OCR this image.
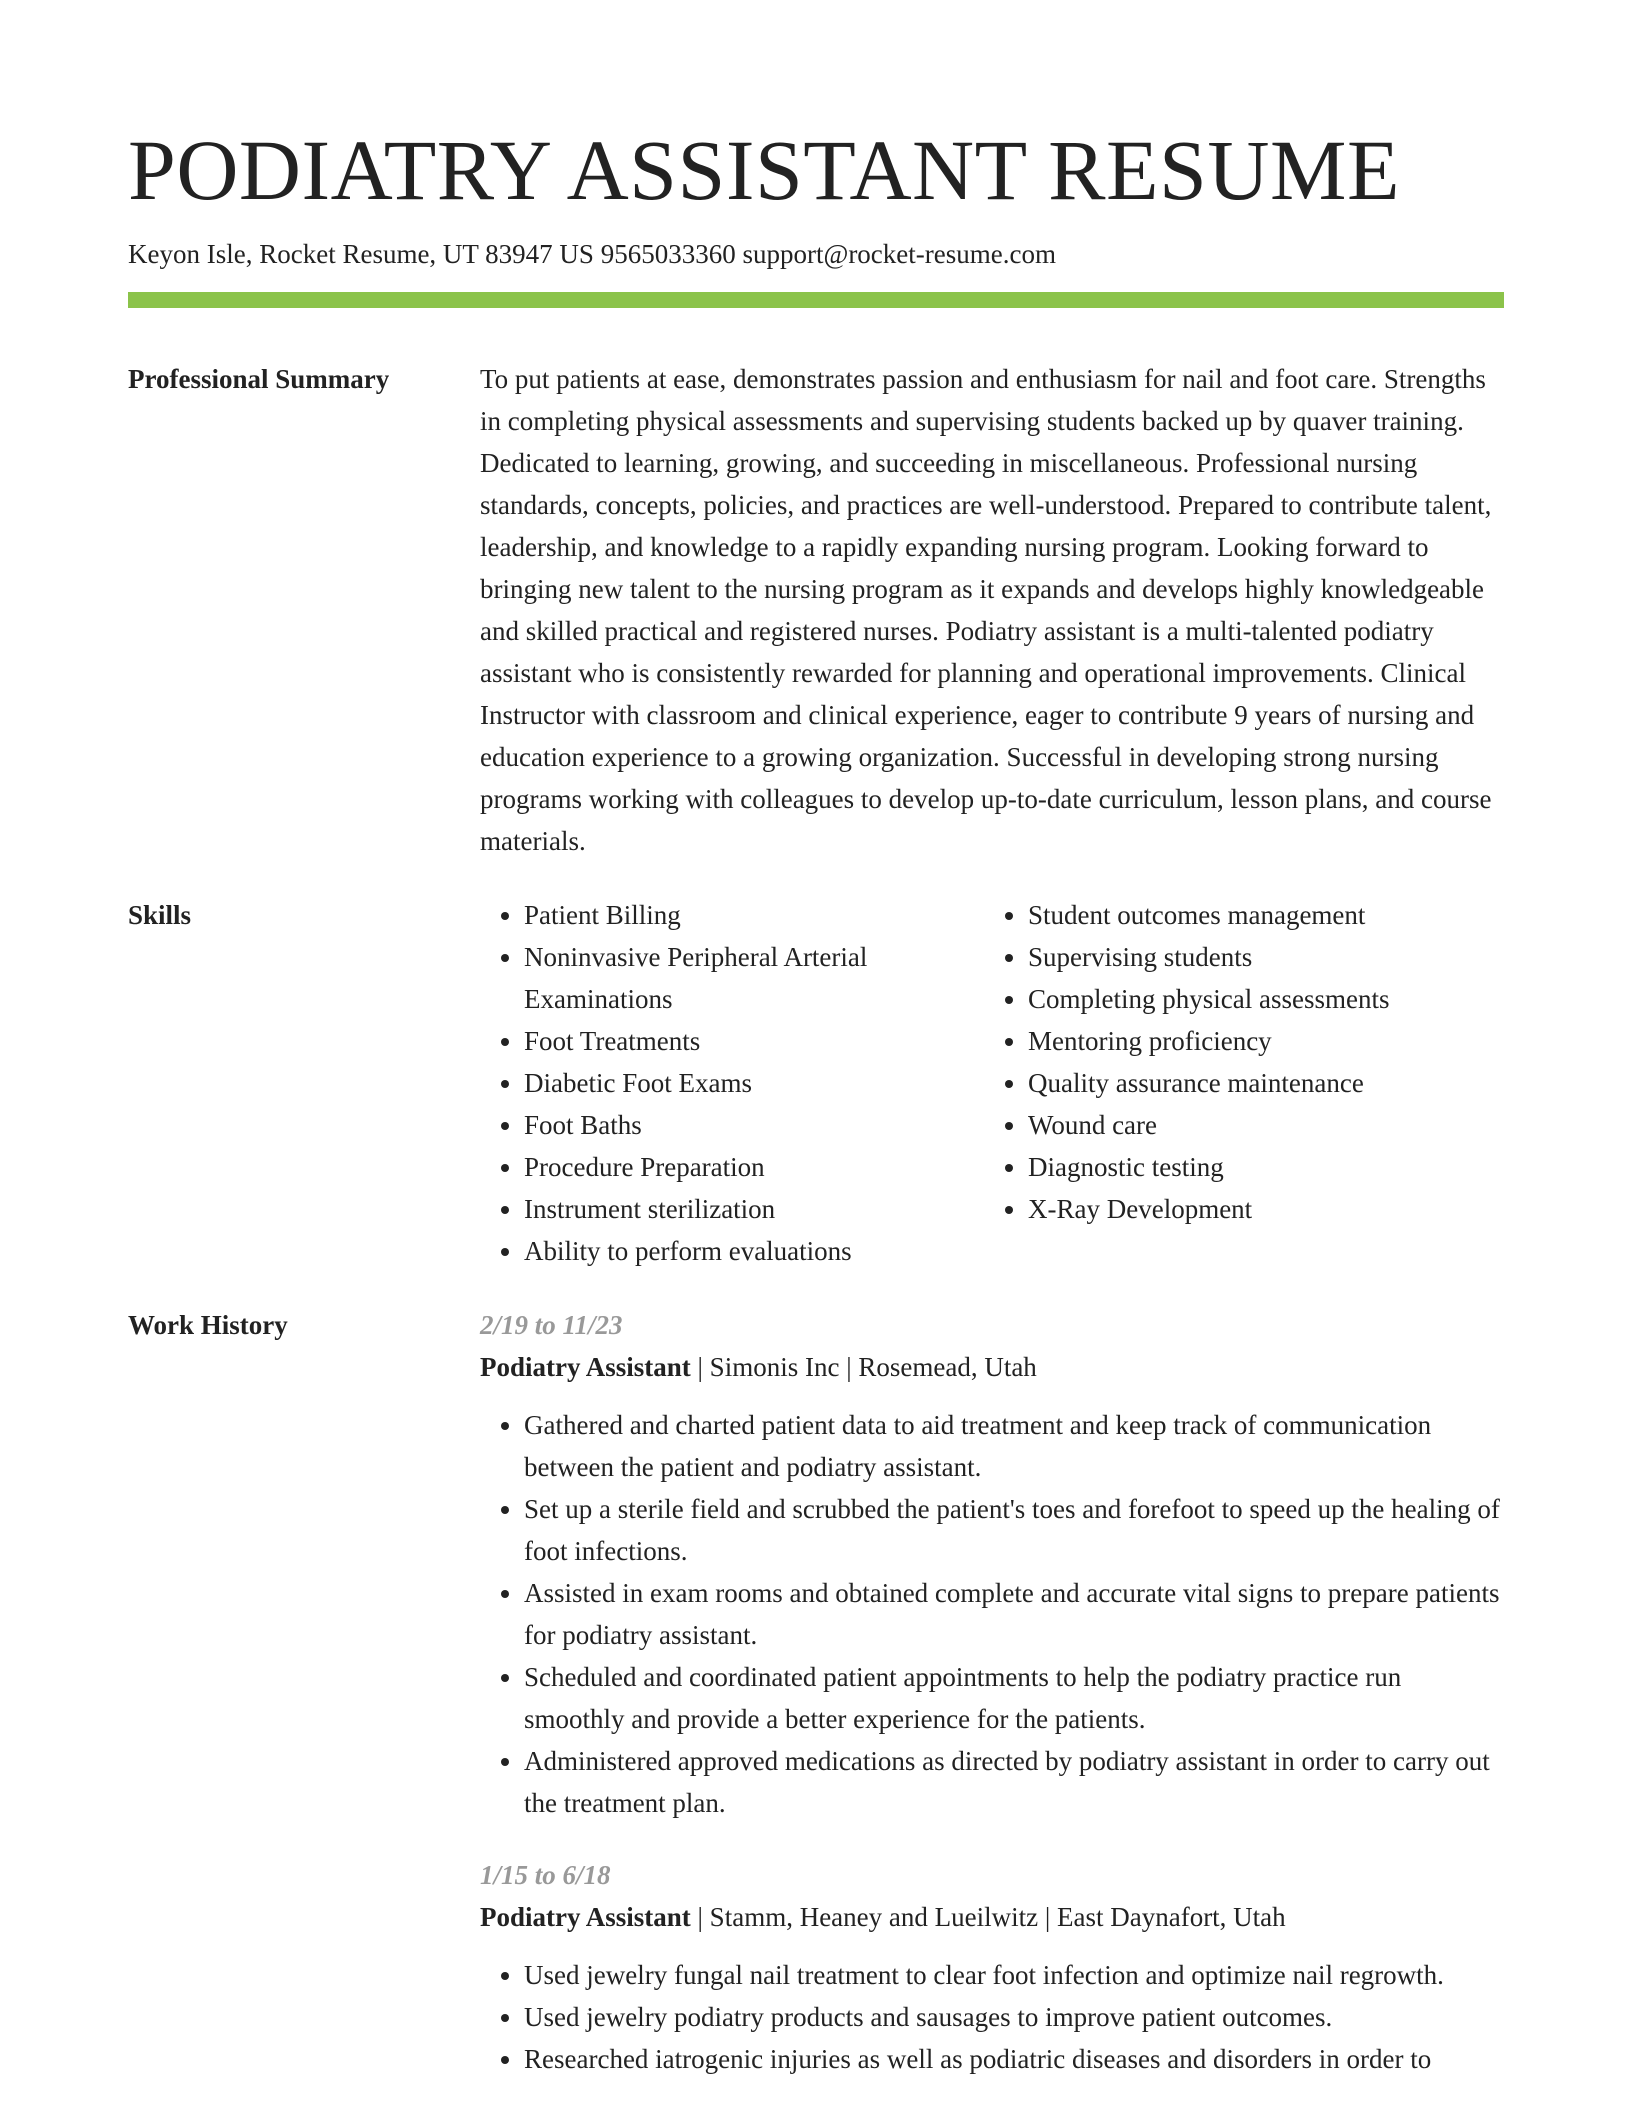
PODIATRY ASSISTANT RESUME
Keyon Isle, Rocket Resume, UT 83947 US 9565033360 support@rocket-resume.com
Professional Summary	To put patients at ease, demonstrates passion and enthusiasm for nail and foot care. Strengths in completing physical assessments and supervising students backed up by quaver training. Dedicated to learning, growing, and succeeding in miscellaneous. Professional nursing standards, concepts, policies, and practices are well-understood. Prepared to contribute talent, leadership, and knowledge to a rapidly expanding nursing program. Looking forward to bringing new talent to the nursing program as it expands and develops highly knowledgeable and skilled practical and registered nurses. Podiatry assistant is a multi-talented podiatry assistant who is consistently rewarded for planning and operational improvements. Clinical Instructor with classroom and clinical experience, eager to contribute 9 years of nursing and education experience to a growing organization. Successful in developing strong nursing programs working with colleagues to develop up-to-date curriculum, lesson plans, and course materials.

Skills
•	Patient Billing
• Noninvasive Peripheral Arterial Examinations
• Foot Treatments
• Diabetic Foot Exams
• Foot Baths
• Procedure Preparation
• Instrument sterilization
• Ability to perform evaluations
• Student outcomes management
• Supervising students
• Completing physical assessments
• Mentoring proficiency
• Quality assurance maintenance
• Wound care
• Diagnostic testing
• X-Ray Development
Work History	2/19 to 11/23
Podiatry Assistant | Simonis Inc | Rosemead, Utah
• Gathered and charted patient data to aid treatment and keep track of communication between the patient and podiatry assistant.
• Set up a sterile field and scrubbed the patient's toes and forefoot to speed up the healing of foot infections.
• Assisted in exam rooms and obtained complete and accurate vital signs to prepare patients for podiatry assistant.
• Scheduled and coordinated patient appointments to help the podiatry practice run smoothly and provide a better experience for the patients.
• Administered approved medications as directed by podiatry assistant in order to carry out the treatment plan.
1/15 to 6/18
Podiatry Assistant | Stamm, Heaney and Lueilwitz | East Daynafort, Utah
• Used jewelry fungal nail treatment to clear foot infection and optimize nail regrowth.
• Used jewelry podiatry products and sausages to improve patient outcomes.
• Researched iatrogenic injuries as well as podiatric diseases and disorders in order to
